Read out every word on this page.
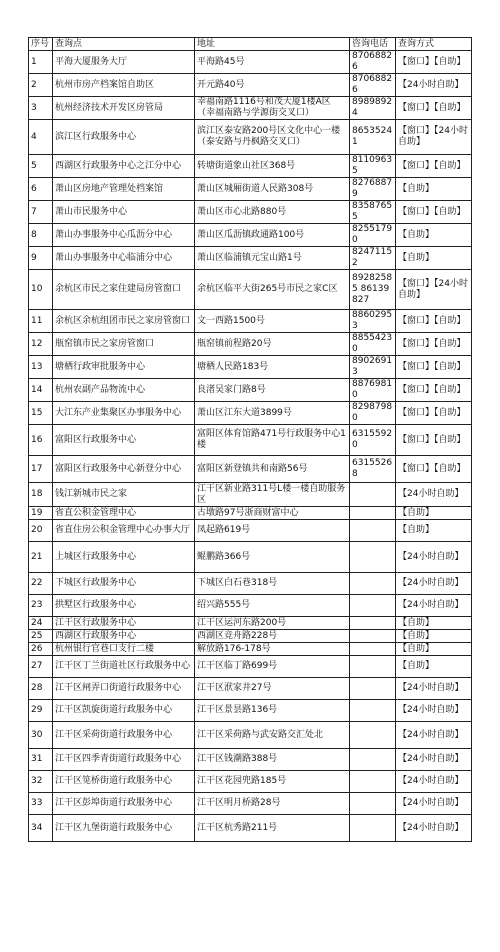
序号	查询点	地址	咨询电话	查询方式
1	平海大厦服务大厅	平海路45号	87068826	【窗口】【自助】
2	杭州市房产档案馆自助区	开元路40号	87068826	【24小时自助】
3	杭州经济技术开发区房管局	幸福南路1116号和茂大厦1楼A区（幸福南路与学源街交叉口）	89898924	【窗口】【自助】
4	滨江区行政服务中心	滨江区泰安路200号区文化中心一楼（泰安路与丹枫路交叉口）	86535241	【窗口】【24小时自助】
5	西湖区行政服务中心之江分中心	转塘街道象山社区368号	81109635	【窗口】【自助】
6	萧山区房地产管理处档案馆	萧山区城厢街道人民路308号	82768879	【自助】
7	萧山市民服务中心	萧山区市心北路880号	83587655	【窗口】【自助】
8	萧山办事服务中心瓜沥分中心	萧山区瓜沥镇政通路100号	82551790	【自助】
9	萧山办事服务中心临浦分中心	萧山区临浦镇元宝山路1号	82471152	【自助】
10	余杭区市民之家住建局房管窗口	余杭区临平大街265号市民之家C区	89282585 86139827	【窗口】【24小时自助】
11	余杭区余杭组团市民之家房管窗口	文一西路1500号	88602953	【窗口】【自助】
12	瓶窑镇市民之家房管窗口	瓶窑镇前程路20号	88554230	【窗口】【自助】
13	塘栖行政审批服务中心	塘栖人民路183号	89026913	【窗口】【自助】
14	杭州农副产品物流中心	良渚吴家门路8号	88769810	【窗口】【自助】
15	大江东产业集聚区办事服务中心	萧山区江东大道3899号	82987980	【窗口】【自助】
16	富阳区行政服务中心	富阳区体育馆路471号行政服务中心1楼	63155920	【窗口】【自助】
17	富阳区行政服务中心新登分中心	富阳区新登镇共和南路56号	63155268	【窗口】【自助】
18	钱江新城市民之家	江干区新业路311号L楼一楼自助服务区		【24小时自助】
19	省直公积金管理中心	古墩路97号浙商财富中心		【自助】
20	省直住房公积金管理中心办事大厅	凤起路619号		【自助】
21	上城区行政服务中心	鲲鹏路366号		【24小时自助】
22	下城区行政服务中心	下城区白石巷318号		【24小时自助】
23	拱墅区行政服务中心	绍兴路555号		【24小时自助】
24	江干区行政服务中心	江干区运河东路200号		【自助】
25	西湖区行政服务中心	西湖区竞舟路228号		【自助】
26	杭州银行官巷口支行二楼	解放路176-178号		【自助】
27	江干区丁兰街道社区行政服务中心	江干区临丁路699号		【自助】
28	江干区闸弄口街道行政服务中心	江干区洑家井27号		【24小时自助】
29	江干区凯旋街道行政服务中心	江干区景昙路136号		【24小时自助】
30	江干区采荷街道行政服务中心	江干区采荷路与武安路交汇处北		【24小时自助】
31	江干区四季青街道行政服务中心	江干区钱潮路388号		【24小时自助】
32	江干区笕桥街道行政服务中心	江干区花园兜路185号		【24小时自助】
33	江干区彭埠街道行政服务中心	江干区明月桥路28号		【24小时自助】
34	江干区九堡街道行政服务中心	江干区杭秀路211号		【24小时自助】
